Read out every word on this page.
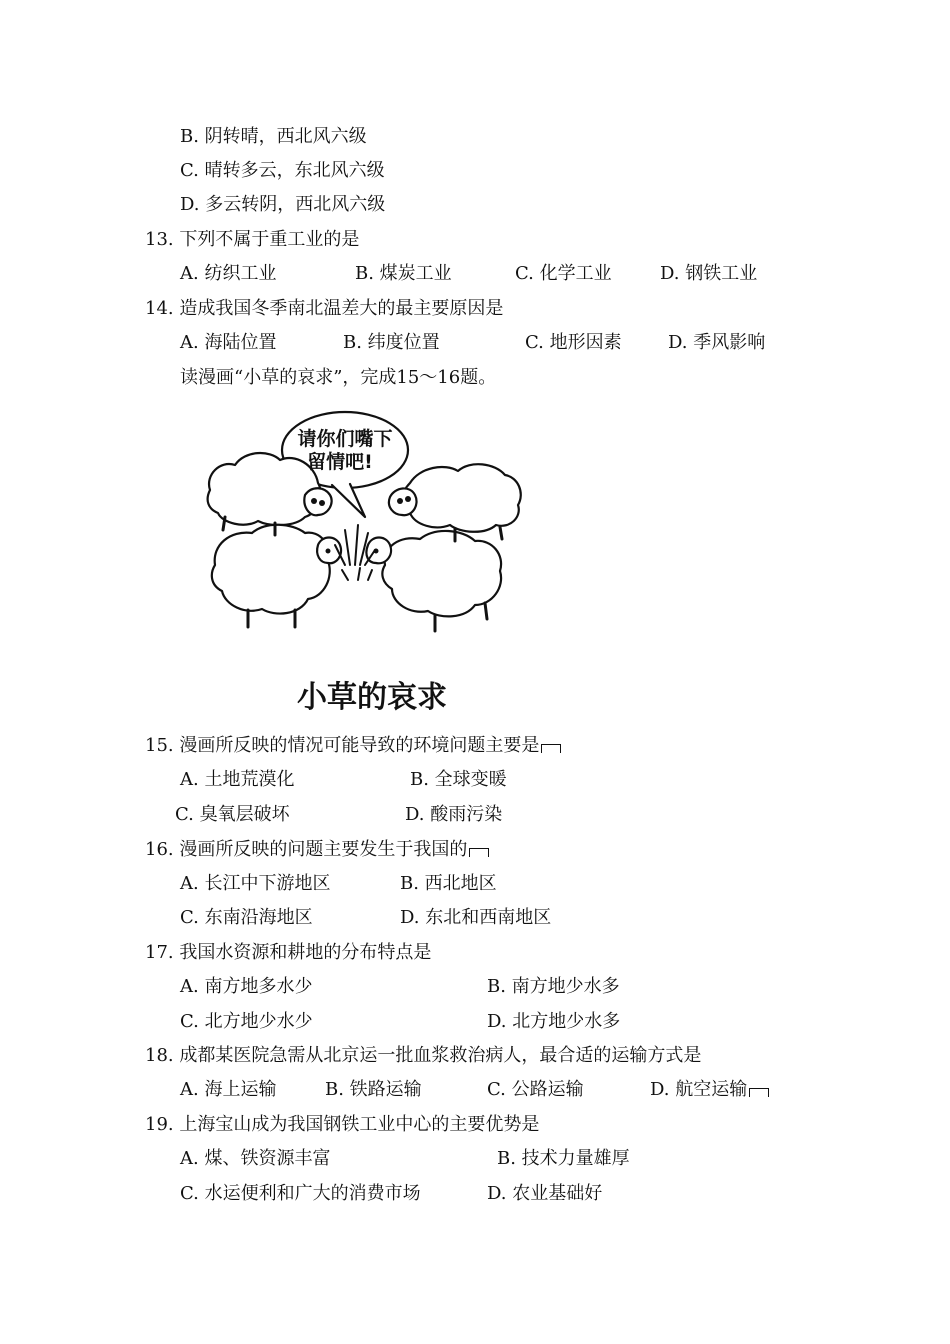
B. 阴转晴，西北风六级
C. 晴转多云，东北风六级
D. 多云转阴，西北风六级
13. 下列不属于重工业的是
A. 纺织工业	B. 煤炭工业	C. 化学工业	D. 钢铁工业
14. 造成我国冬季南北温差大的最主要原因是
A. 海陆位置	B. 纬度位置	C. 地形因素	D. 季风影响
读漫画“小草的哀求”，完成15～16题。
请你们嘴下
留情吧!
小草的哀求
15. 漫画所反映的情况可能导致的环境问题主要是
A. 土地荒漠化	B. 全球变暖
C. 臭氧层破坏	D. 酸雨污染
16. 漫画所反映的问题主要发生于我国的
A. 长江中下游地区	B. 西北地区
C. 东南沿海地区	D. 东北和西南地区
17. 我国水资源和耕地的分布特点是
A. 南方地多水少	B. 南方地少水多
C. 北方地少水少	D. 北方地少水多
18. 成都某医院急需从北京运一批血浆救治病人，最合适的运输方式是
A. 海上运输	B. 铁路运输	C. 公路运输	D. 航空运输
19. 上海宝山成为我国钢铁工业中心的主要优势是
A. 煤、铁资源丰富	B. 技术力量雄厚
C. 水运便利和广大的消费市场	D. 农业基础好
